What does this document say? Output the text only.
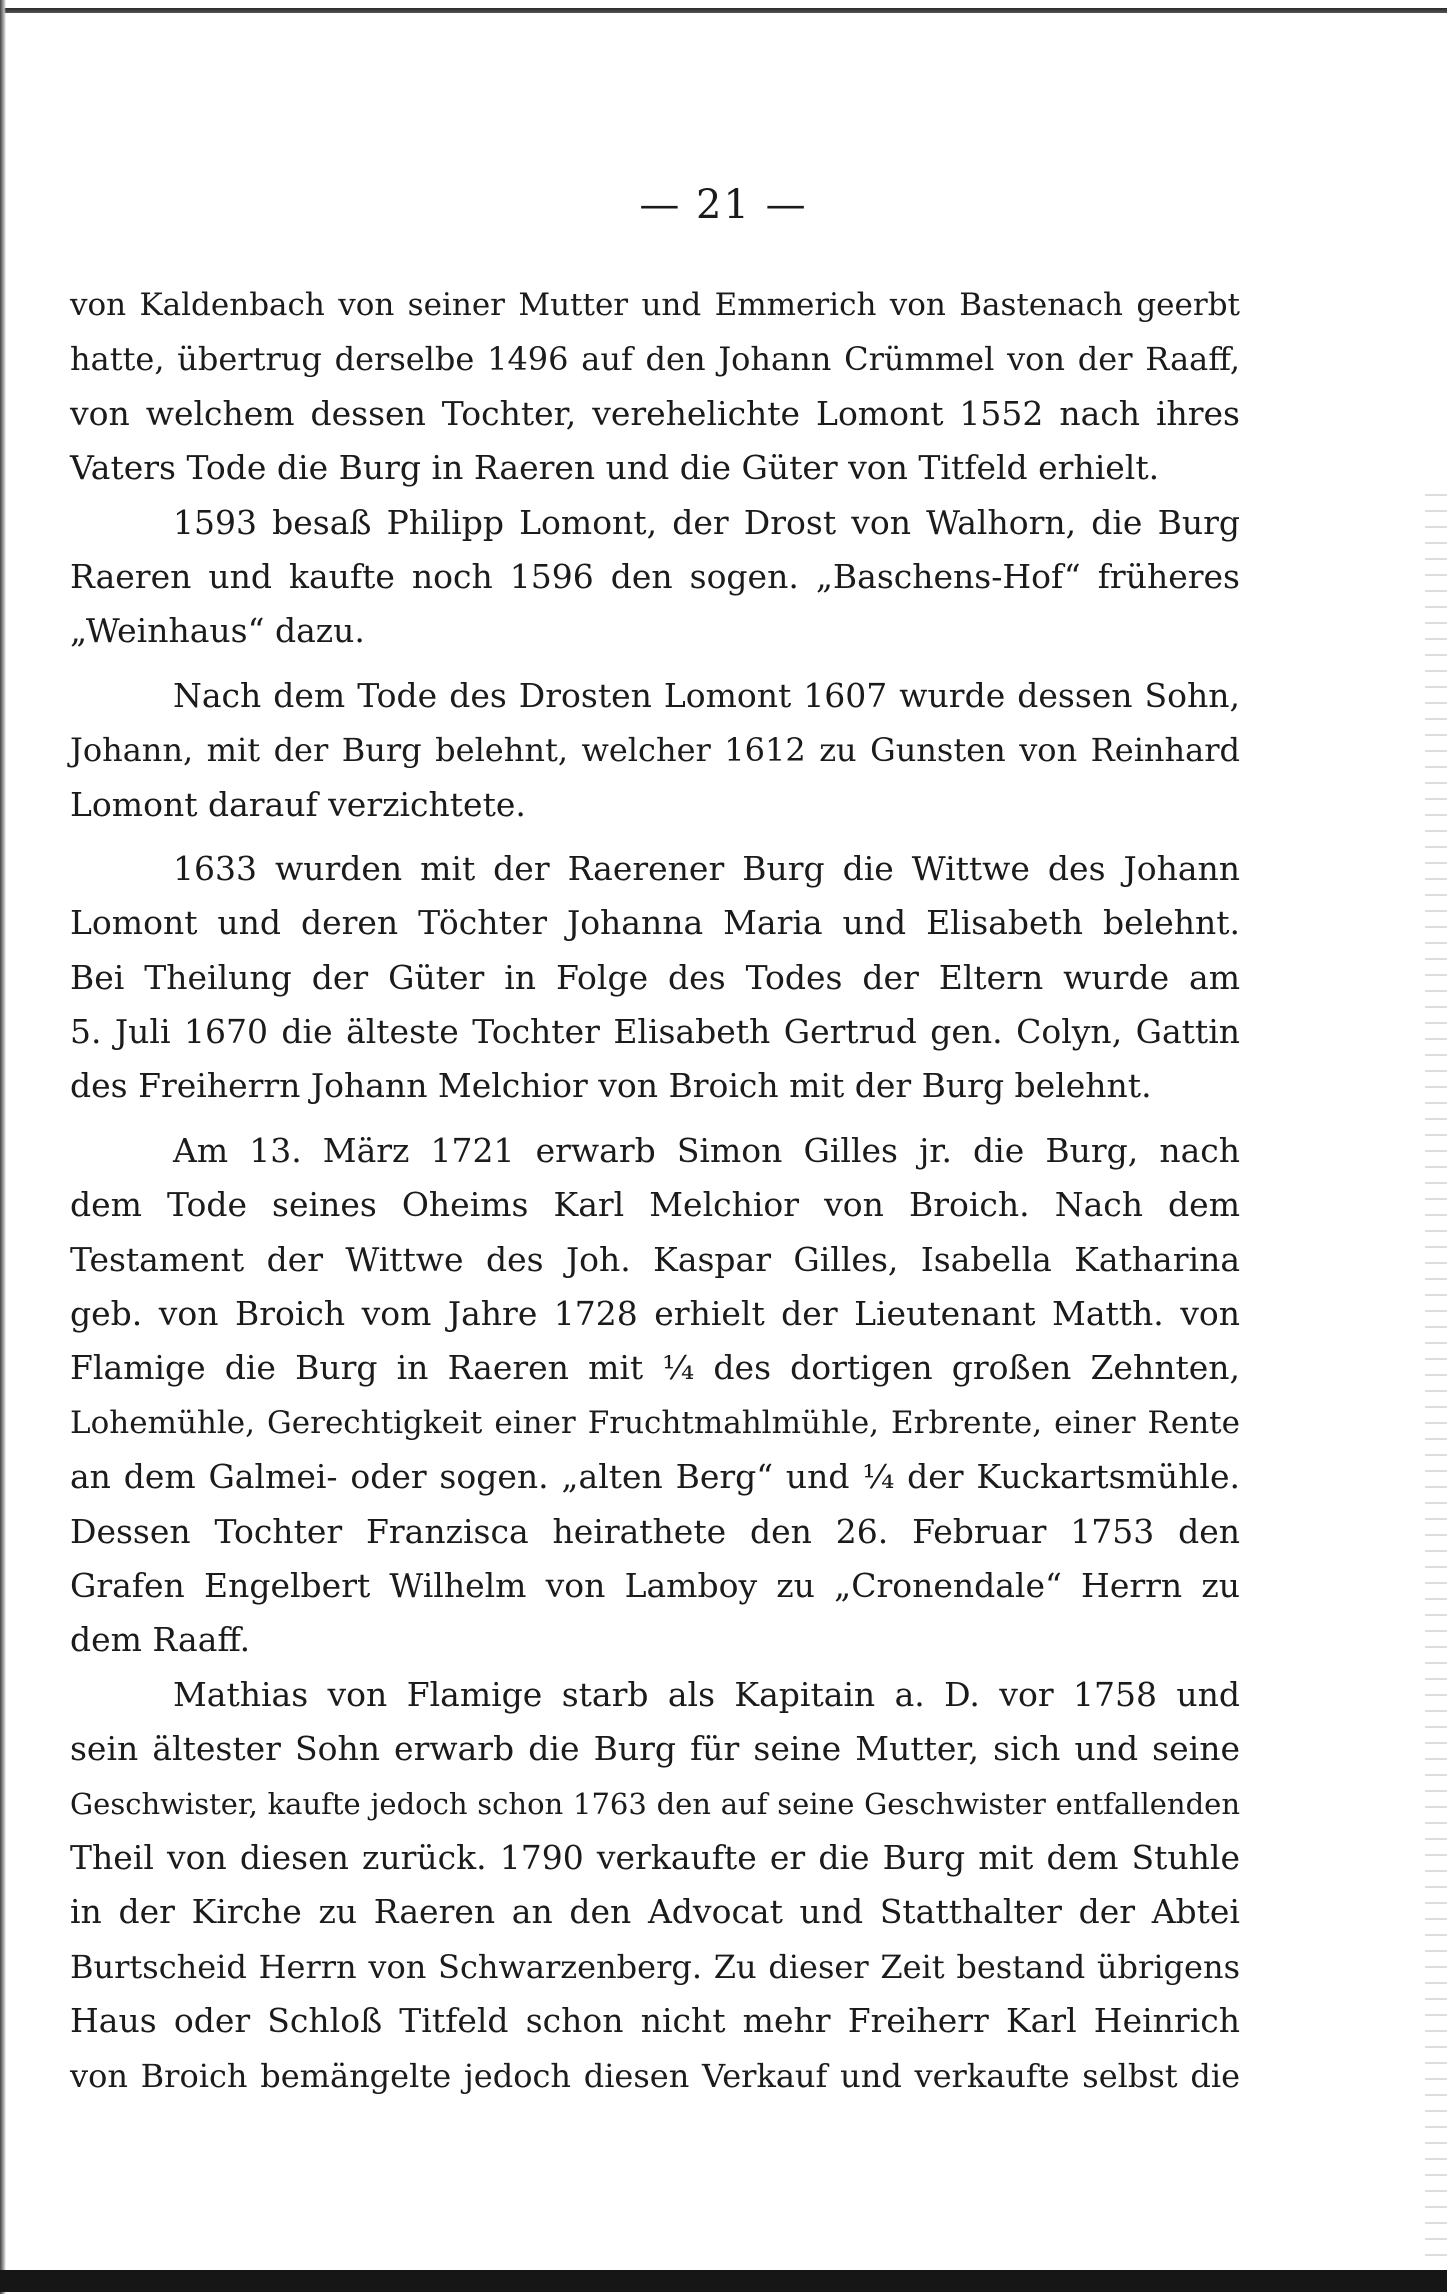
— 21 —
von Kaldenbach von seiner Mutter und Emmerich von Bastenach geerbt
hatte, übertrug derselbe 1496 auf den Johann Crümmel von der Raaff,
von welchem dessen Tochter, verehelichte Lomont 1552 nach ihres
Vaters Tode die Burg in Raeren und die Güter von Titfeld erhielt.
1593 besaß Philipp Lomont, der Drost von Walhorn, die Burg
Raeren und kaufte noch 1596 den sogen. „Baschens-Hof“ früheres
„Weinhaus“ dazu.
Nach dem Tode des Drosten Lomont 1607 wurde dessen Sohn,
Johann, mit der Burg belehnt, welcher 1612 zu Gunsten von Reinhard
Lomont darauf verzichtete.
1633 wurden mit der Raerener Burg die Wittwe des Johann
Lomont und deren Töchter Johanna Maria und Elisabeth belehnt.
Bei Theilung der Güter in Folge des Todes der Eltern wurde am
5. Juli 1670 die älteste Tochter Elisabeth Gertrud gen. Colyn, Gattin
des Freiherrn Johann Melchior von Broich mit der Burg belehnt.
Am 13. März 1721 erwarb Simon Gilles jr. die Burg, nach
dem Tode seines Oheims Karl Melchior von Broich. Nach dem
Testament der Wittwe des Joh. Kaspar Gilles, Isabella Katharina
geb. von Broich vom Jahre 1728 erhielt der Lieutenant Matth. von
Flamige die Burg in Raeren mit ¼ des dortigen großen Zehnten,
Lohemühle, Gerechtigkeit einer Fruchtmahlmühle, Erbrente, einer Rente
an dem Galmei- oder sogen. „alten Berg“ und ¼ der Kuckartsmühle.
Dessen Tochter Franzisca heirathete den 26. Februar 1753 den
Grafen Engelbert Wilhelm von Lamboy zu „Cronendale“ Herrn zu
dem Raaff.
Mathias von Flamige starb als Kapitain a. D. vor 1758 und
sein ältester Sohn erwarb die Burg für seine Mutter, sich und seine
Geschwister, kaufte jedoch schon 1763 den auf seine Geschwister entfallenden
Theil von diesen zurück. 1790 verkaufte er die Burg mit dem Stuhle
in der Kirche zu Raeren an den Advocat und Statthalter der Abtei
Burtscheid Herrn von Schwarzenberg. Zu dieser Zeit bestand übrigens
Haus oder Schloß Titfeld schon nicht mehr Freiherr Karl Heinrich
von Broich bemängelte jedoch diesen Verkauf und verkaufte selbst die
